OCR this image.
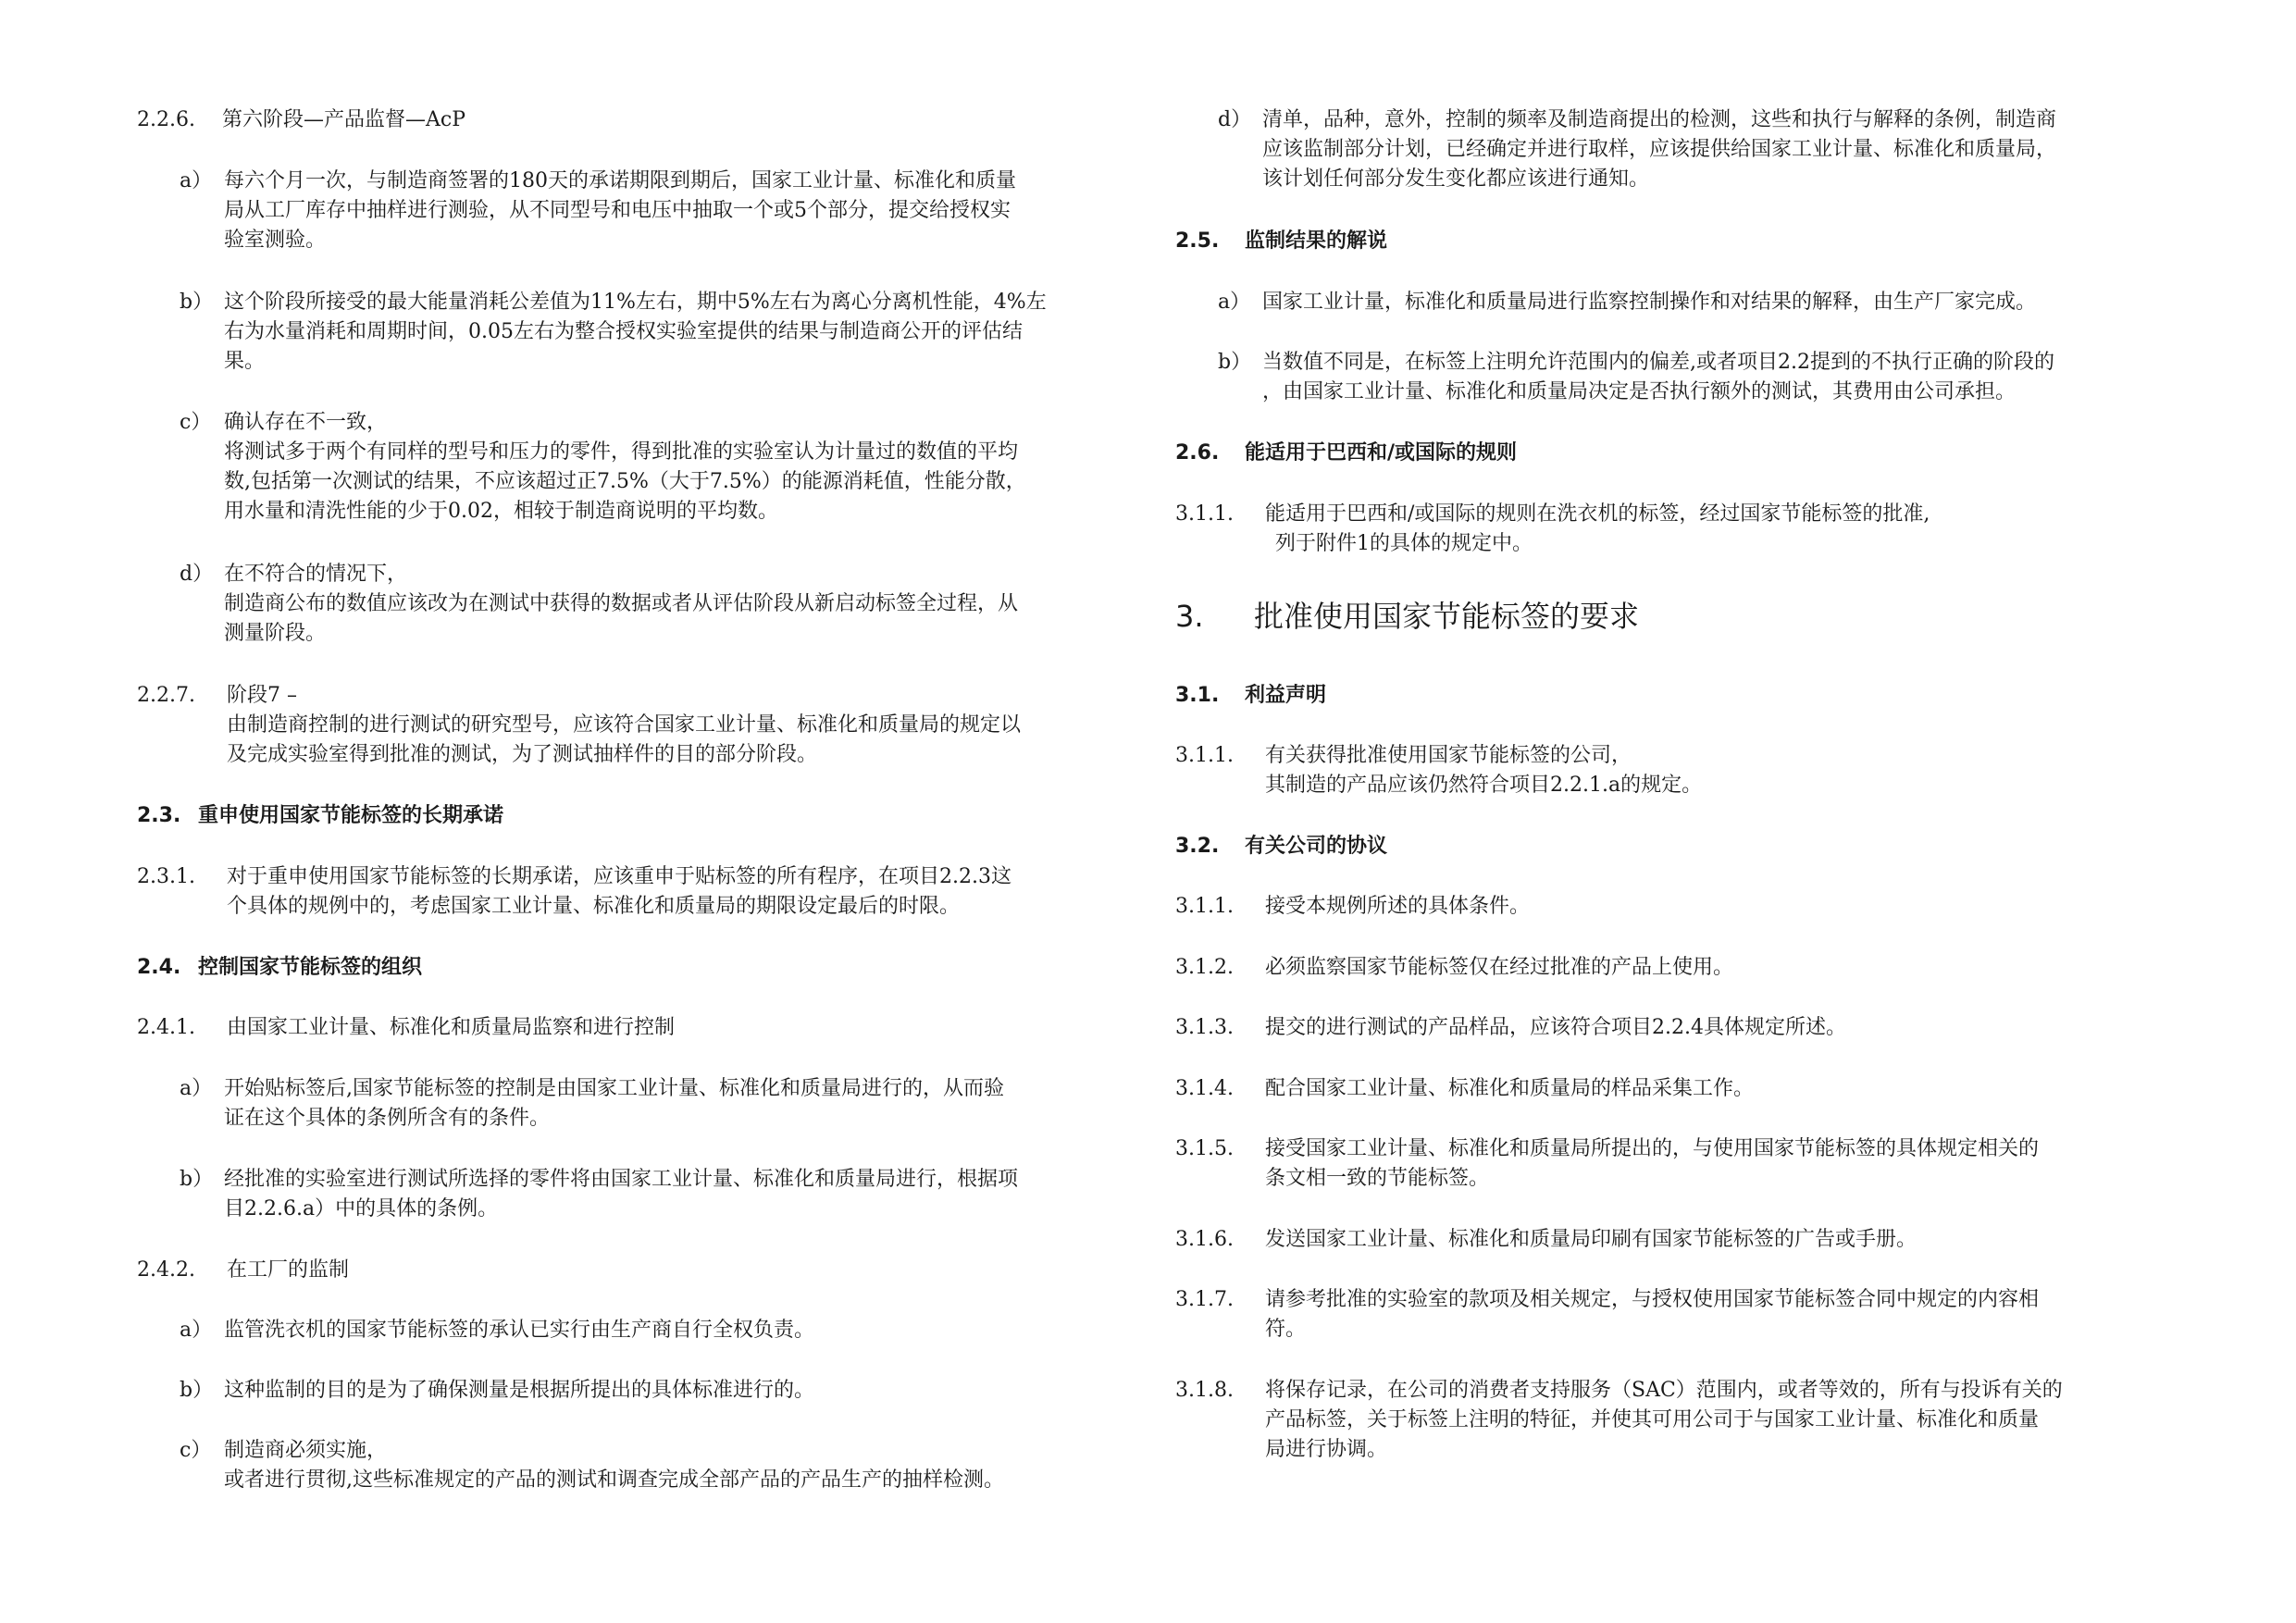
2.2.6. 第六阶段—产品监督—AcP
a） 每六个月一次，与制造商签署的180天的承诺期限到期后，国家工业计量、标准化和质量
局从工厂库存中抽样进行测验，从不同型号和电压中抽取一个或5个部分，提交给授权实
验室测验。
b） 这个阶段所接受的最大能量消耗公差值为11%左右，期中5%左右为离心分离机性能，4%左
右为水量消耗和周期时间，0.05左右为整合授权实验室提供的结果与制造商公开的评估结
果。
c） 确认存在不一致，
将测试多于两个有同样的型号和压力的零件，得到批准的实验室认为计量过的数值的平均
数,包括第一次测试的结果，不应该超过正7.5%（大于7.5%）的能源消耗值，性能分散，
用水量和清洗性能的少于0.02，相较于制造商说明的平均数。
d） 在不符合的情况下，
制造商公布的数值应该改为在测试中获得的数据或者从评估阶段从新启动标签全过程，从
测量阶段。
2.2.7. 阶段7 –
由制造商控制的进行测试的研究型号，应该符合国家工业计量、标准化和质量局的规定以
及完成实验室得到批准的测试，为了测试抽样件的目的部分阶段。
2.3. 重申使用国家节能标签的长期承诺
2.3.1. 对于重申使用国家节能标签的长期承诺，应该重申于贴标签的所有程序，在项目2.2.3这
个具体的规例中的，考虑国家工业计量、标准化和质量局的期限设定最后的时限。
2.4. 控制国家节能标签的组织
2.4.1. 由国家工业计量、标准化和质量局监察和进行控制
a） 开始贴标签后,国家节能标签的控制是由国家工业计量、标准化和质量局进行的，从而验
证在这个具体的条例所含有的条件。
b） 经批准的实验室进行测试所选择的零件将由国家工业计量、标准化和质量局进行，根据项
目2.2.6.a）中的具体的条例。
2.4.2. 在工厂的监制
a） 监管洗衣机的国家节能标签的承认已实行由生产商自行全权负责。
b） 这种监制的目的是为了确保测量是根据所提出的具体标准进行的。
c） 制造商必须实施，
或者进行贯彻,这些标准规定的产品的测试和调查完成全部产品的产品生产的抽样检测。
d） 清单，品种，意外，控制的频率及制造商提出的检测，这些和执行与解释的条例，制造商
应该监制部分计划，已经确定并进行取样，应该提供给国家工业计量、标准化和质量局，
该计划任何部分发生变化都应该进行通知。
2.5. 监制结果的解说
a） 国家工业计量，标准化和质量局进行监察控制操作和对结果的解释，由生产厂家完成。
b） 当数值不同是，在标签上注明允许范围内的偏差,或者项目2.2提到的不执行正确的阶段的
，由国家工业计量、标准化和质量局决定是否执行额外的测试，其费用由公司承担。
2.6. 能适用于巴西和/或国际的规则
3.1.1. 能适用于巴西和/或国际的规则在洗衣机的标签，经过国家节能标签的批准,
列于附件1的具体的规定中。
3. 批准使用国家节能标签的要求
3.1. 利益声明
3.1.1. 有关获得批准使用国家节能标签的公司，
其制造的产品应该仍然符合项目2.2.1.a的规定。
3.2. 有关公司的协议
3.1.1. 接受本规例所述的具体条件。
3.1.2. 必须监察国家节能标签仅在经过批准的产品上使用。
3.1.3. 提交的进行测试的产品样品，应该符合项目2.2.4具体规定所述。
3.1.4. 配合国家工业计量、标准化和质量局的样品采集工作。
3.1.5. 接受国家工业计量、标准化和质量局所提出的，与使用国家节能标签的具体规定相关的
条文相一致的节能标签。
3.1.6. 发送国家工业计量、标准化和质量局印刷有国家节能标签的广告或手册。
3.1.7. 请参考批准的实验室的款项及相关规定，与授权使用国家节能标签合同中规定的内容相
符。
3.1.8. 将保存记录，在公司的消费者支持服务（SAC）范围内，或者等效的，所有与投诉有关的
产品标签，关于标签上注明的特征，并使其可用公司于与国家工业计量、标准化和质量
局进行协调。
